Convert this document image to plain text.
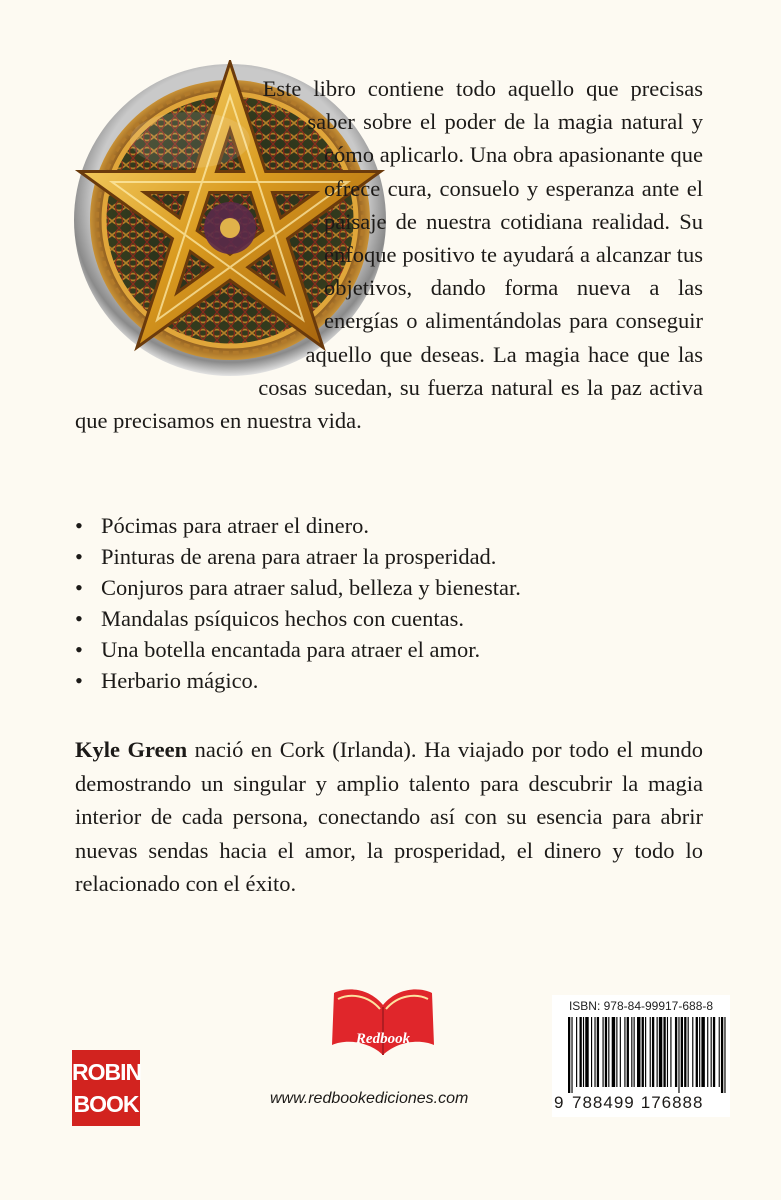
Este libro contiene todo aquello que precisas saber sobre el poder de la magia natural y cómo aplicarlo. Una obra apasionante que ofrece cura, consuelo y esperanza ante el paisaje de nuestra cotidiana realidad. Su enfoque positivo te ayudará a alcanzar tus objetivos, dando forma nueva a las energías o alimentándolas para conseguir aquello que deseas. La magia hace que las cosas sucedan, su fuerza natural es la paz activa que precisamos en nuestra vida.

• Pócimas para atraer el dinero.
• Pinturas de arena para atraer la prosperidad.
• Conjuros para atraer salud, belleza y bienestar.
• Mandalas psíquicos hechos con cuentas.
• Una botella encantada para atraer el amor.
• Herbario mágico.

Kyle Green nació en Cork (Irlanda). Ha viajado por todo el mundo demostrando un singular y amplio talento para descubrir la magia interior de cada persona, conectando así con su esencia para abrir nuevas sendas hacia el amor, la prosperidad, el dinero y todo lo relacionado con el éxito.

ROBIN
BOOK
Redbook
www.redbookediciones.com
ISBN: 978-84-99917-688-8
9 788499 176888
